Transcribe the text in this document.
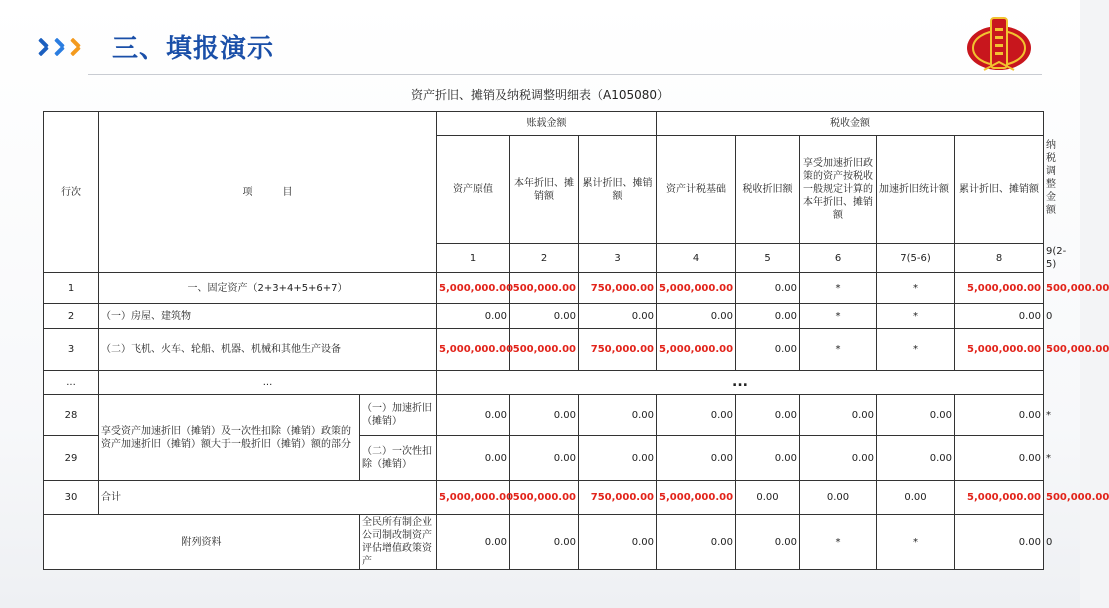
三、填报演示
资产折旧、摊销及纳税调整明细表（A105080）
行次	项　　　目		账载金额			税收金额					纳税调整金额
			资产原值	本年折旧、摊销额	累计折旧、摊销额	资产计税基础	税收折旧额	享受加速折旧政策的资产按税收一般规定计算的本年折旧、摊销额	加速折旧统计额	累计折旧、摊销额	
			1	2	3	4	5	6	7(5-6)	8	9(2-5)
1	一、固定资产（2+3+4+5+6+7）		5,000,000.00	500,000.00	750,000.00	5,000,000.00	0.00	*	*	5,000,000.00	500,000.00
2	（一）房屋、建筑物		0.00	0.00	0.00	0.00	0.00	*	*	0.00	0
3	（二）飞机、火车、轮船、机器、机械和其他生产设备		5,000,000.00	500,000.00	750,000.00	5,000,000.00	0.00	*	*	5,000,000.00	500,000.00
...	...		...								
28	享受资产加速折旧（摊销）及一次性扣除（摊销）政策的资产加速折旧（摊销）额大于一般折旧（摊销）额的部分	（一）加速折旧（摊销）	0.00	0.00	0.00	0.00	0.00	0.00	0.00	0.00	*
29		（二）一次性扣除（摊销）	0.00	0.00	0.00	0.00	0.00	0.00	0.00	0.00	*
30	合计		5,000,000.00	500,000.00	750,000.00	5,000,000.00	0.00	0.00	0.00	5,000,000.00	500,000.00
附列资料		全民所有制企业公司制改制资产评估增值政策资产	0.00	0.00	0.00	0.00	0.00	*	*	0.00	0
